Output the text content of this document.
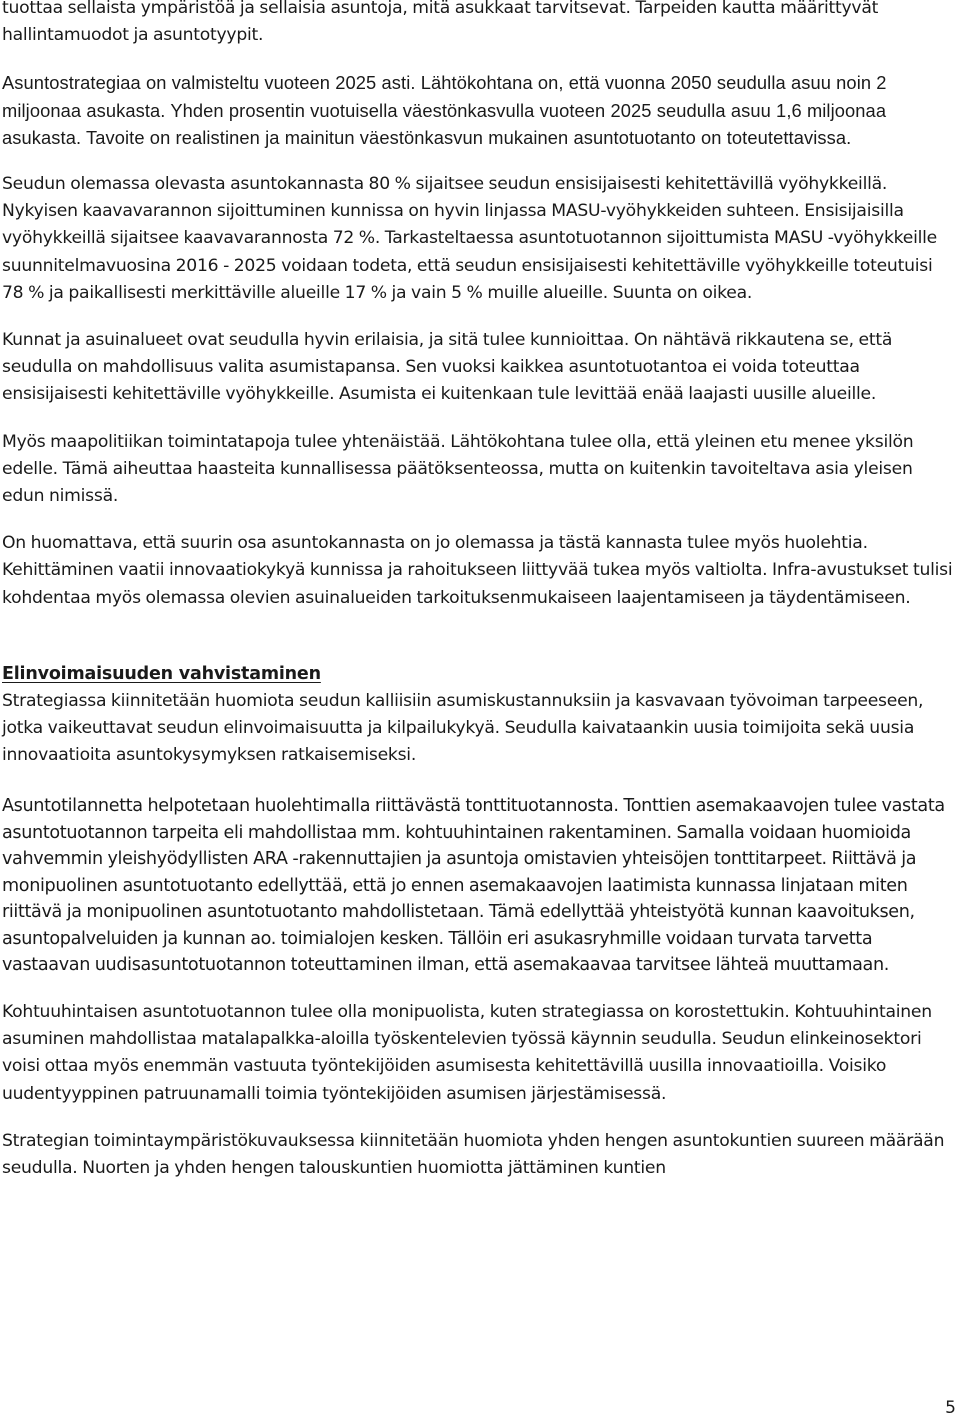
tuottaa sellaista ympäristöä ja sellaisia asuntoja, mitä asukkaat tarvitsevat. Tarpeiden kautta määrittyvät hallintamuodot ja asuntotyypit.

Asuntostrategiaa on valmisteltu vuoteen 2025 asti. Lähtökohtana on, että vuonna 2050 seudulla asuu noin 2 miljoonaa asukasta. Yhden prosentin vuotuisella väestönkasvulla vuoteen 2025 seudulla asuu 1,6 miljoonaa asukasta. Tavoite on realistinen ja mainitun väestönkasvun mukainen asuntotuotanto on toteutettavissa.

Seudun olemassa olevasta asuntokannasta 80 % sijaitsee seudun ensisijaisesti kehitettävillä vyöhykkeillä. Nykyisen kaavavarannon sijoittuminen kunnissa on hyvin linjassa MASU-vyöhykkeiden suhteen. Ensisijaisilla vyöhykkeillä sijaitsee kaavavarannosta 72 %. Tarkasteltaessa asuntotuotannon sijoittumista MASU -vyöhykkeille suunnitelmavuosina 2016 - 2025 voidaan todeta, että seudun ensisijaisesti kehitettäville vyöhykkeille toteutuisi 78 % ja paikallisesti merkittäville alueille 17 % ja vain 5 % muille alueille. Suunta on oikea.

Kunnat ja asuinalueet ovat seudulla hyvin erilaisia, ja sitä tulee kunnioittaa. On nähtävä rikkautena se, että seudulla on mahdollisuus valita asumistapansa. Sen vuoksi kaikkea asuntotuotantoa ei voida toteuttaa ensisijaisesti kehitettäville vyöhykkeille. Asumista ei kuitenkaan tule levittää enää laajasti uusille alueille.

Myös maapolitiikan toimintatapoja tulee yhtenäistää. Lähtökohtana tulee olla, että yleinen etu menee yksilön edelle. Tämä aiheuttaa haasteita kunnallisessa päätöksenteossa, mutta on kuitenkin tavoiteltava asia yleisen edun nimissä.

On huomattava, että suurin osa asuntokannasta on jo olemassa ja tästä kannasta tulee myös huolehtia. Kehittäminen vaatii innovaatiokykyä kunnissa ja rahoitukseen liittyvää tukea myös valtiolta. Infra-avustukset tulisi kohdentaa myös olemassa olevien asuinalueiden tarkoituksenmukaiseen laajentamiseen ja täydentämiseen.

Elinvoimaisuuden vahvistaminen

Strategiassa kiinnitetään huomiota seudun kalliisiin asumiskustannuksiin ja kasvavaan työvoiman tarpeeseen, jotka vaikeuttavat seudun elinvoimaisuutta ja kilpailukykyä. Seudulla kaivataankin uusia toimijoita sekä uusia innovaatioita asuntokysymyksen ratkaisemiseksi.

Asuntotilannetta helpotetaan huolehtimalla riittävästä tonttituotannosta. Tonttien asemakaavojen tulee vastata asuntotuotannon tarpeita eli mahdollistaa mm. kohtuuhintainen rakentaminen. Samalla voidaan huomioida vahvemmin yleishyödyllisten ARA -rakennuttajien ja asuntoja omistavien yhteisöjen tonttitarpeet. Riittävä ja monipuolinen asuntotuotanto edellyttää, että jo ennen asemakaavojen laatimista kunnassa linjataan miten riittävä ja monipuolinen asuntotuotanto mahdollistetaan. Tämä edellyttää yhteistyötä kunnan kaavoituksen, asuntopalveluiden ja kunnan ao. toimialojen kesken. Tällöin eri asukasryhmille voidaan turvata tarvetta vastaavan uudisasuntotuotannon toteuttaminen ilman, että asemakaavaa tarvitsee lähteä muuttamaan.

Kohtuuhintaisen asuntotuotannon tulee olla monipuolista, kuten strategiassa on korostettukin. Kohtuuhintainen asuminen mahdollistaa matalapalkka-aloilla työskentelevien työssä käynnin seudulla. Seudun elinkeinosektori voisi ottaa myös enemmän vastuuta työntekijöiden asumisesta kehitettävillä uusilla innovaatioilla. Voisiko uudentyyppinen patruunamalli toimia työntekijöiden asumisen järjestämisessä.

Strategian toimintaympäristökuvauksessa kiinnitetään huomiota yhden hengen asuntokuntien suureen määrään seudulla. Nuorten ja yhden hengen talouskuntien huomiotta jättäminen kuntien

5
